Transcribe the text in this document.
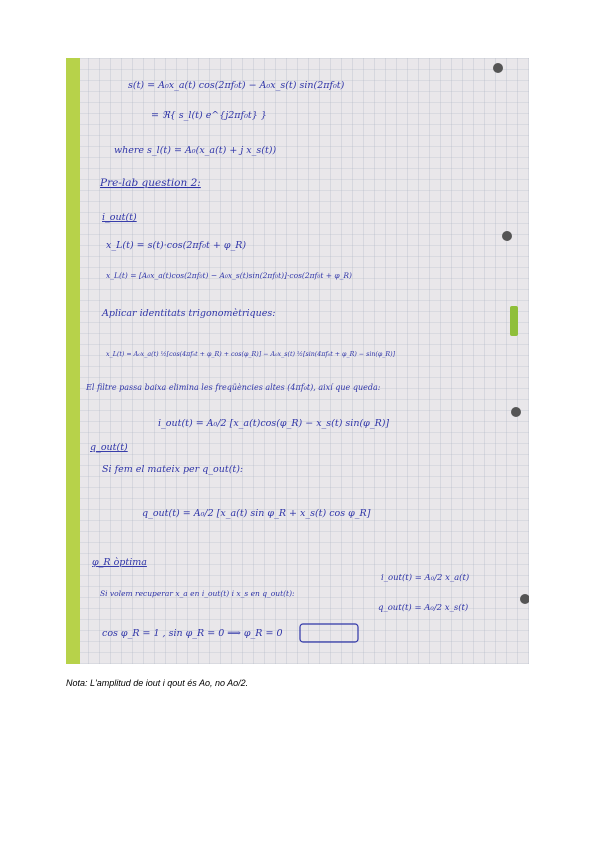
s(t) = A₀x_a(t) cos(2πf₀t) − A₀x_s(t) sin(2πf₀t)
= ℜ{ s_l(t) e^{j2πf₀t} }
where s_l(t) = A₀(x_a(t) + j x_s(t))
Pre-lab question 2:
i_out(t)
x_L(t) = s(t)·cos(2πf₀t + φ_R)
x_L(t) = [A₀x_a(t)cos(2πf₀t) − A₀x_s(t)sin(2πf₀t)]·cos(2πf₀t + φ_R)
Aplicar identitats trigonomètriques:
x_L(t) = A₀x_a(t) ½[cos(4πf₀t + φ_R) + cos(φ_R)] − A₀x_s(t) ½[sin(4πf₀t + φ_R) − sin(φ_R)]
El filtre passa baixa elimina les freqüències altes (4πf₀t), així que queda:
i_out(t) = A₀/2 [x_a(t)cos(φ_R) − x_s(t) sin(φ_R)]
q_out(t)
Si fem el mateix per q_out(t):
q_out(t) = A₀/2 [x_a(t) sin φ_R + x_s(t) cos φ_R]
φ_R òptima
Si volem recuperar x_a en i_out(t) i x_s en q_out(t):
cos φ_R = 1 , sin φ_R = 0 ⟹ φ_R = 0
i_out(t) = A₀/2 x_a(t)
q_out(t) = A₀/2 x_s(t)
Nota: L'amplitud de iout i qout és Ao, no Ao/2.
